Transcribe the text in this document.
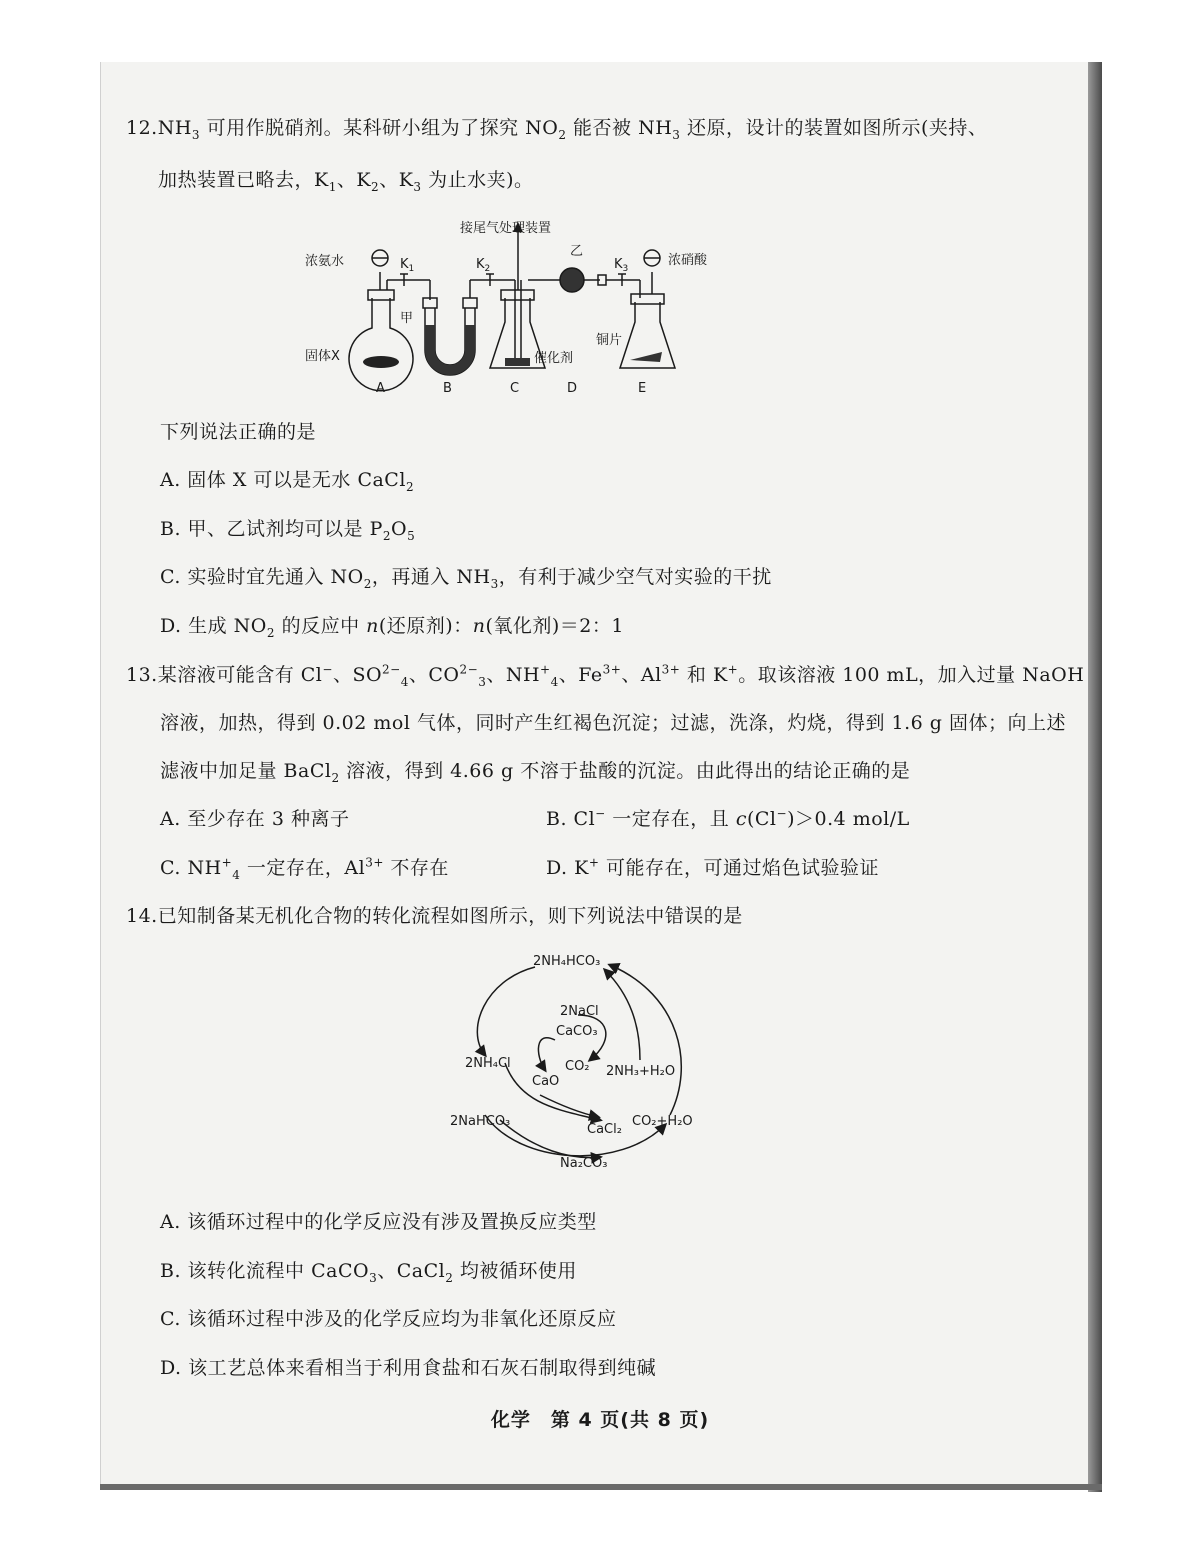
$12.NH_3$ 可用作脱硝剂。某科研小组为了探究 $NO_2$ 能否被 $NH_3$ 还原，设计的装置如图所示(夹持、
加热装置已略去，$K_1$、$K_2$、$K_3$ 为止水夹)。
接尾气处理装置
浓氨水	$K_1$	$K_2$	$K_3$
乙
浓硝酸
甲
催化剂
铜片
固体X
A	B	C	D	E
下列说法正确的是
A. 固体 X 可以是无水 CaCl$_2$
B. 甲、乙试剂均可以是 $P_2O_5$
C. 实验时宜先通入 $NO_2$，再通入 $NH_3$，有利于减少空气对实验的干扰
D. 生成 $NO_2$ 的反应中 n(还原剂)：n(氧化剂)＝2：1
13.某溶液可能含有 Cl−、$SO^{2-}_4$、$CO^{2-}_3$、$NH^+_4$、$Fe^{3+}$、$Al^{3+}$ 和 K+。取该溶液 100 mL，加入过量 NaOH
溶液，加热，得到 0.02 mol 气体，同时产生红褐色沉淀；过滤，洗涤，灼烧，得到 1.6 g 固体；向上述
滤液中加足量 BaCl$_2$ 溶液，得到 4.66 g 不溶于盐酸的沉淀。由此得出的结论正确的是
A. 至少存在 3 种离子	B. Cl− 一定存在，且 c(Cl−)＞0.4 mol/L
C. $NH^+_4$ 一定存在，$Al^{3+}$ 不存在	D. K+ 可能存在，可通过焰色试验验证
14.已知制备某无机化合物的转化流程如图所示，则下列说法中错误的是
2NH₄HCO₃
2NaCl
CaCO₃
2NH₄Cl	CO₂ 2NH₃+H₂O
CaO
2NaHCO₃
CaCl₂
CO₂+H₂O
Na₂CO₃
A. 该循环过程中的化学反应没有涉及置换反应类型
B. 该转化流程中 CaCO$_3$、CaCl$_2$ 均被循环使用
C. 该循环过程中涉及的化学反应均为非氧化还原反应
D. 该工艺总体来看相当于利用食盐和石灰石制取得到纯碱
化学　第 4 页(共 8 页)
